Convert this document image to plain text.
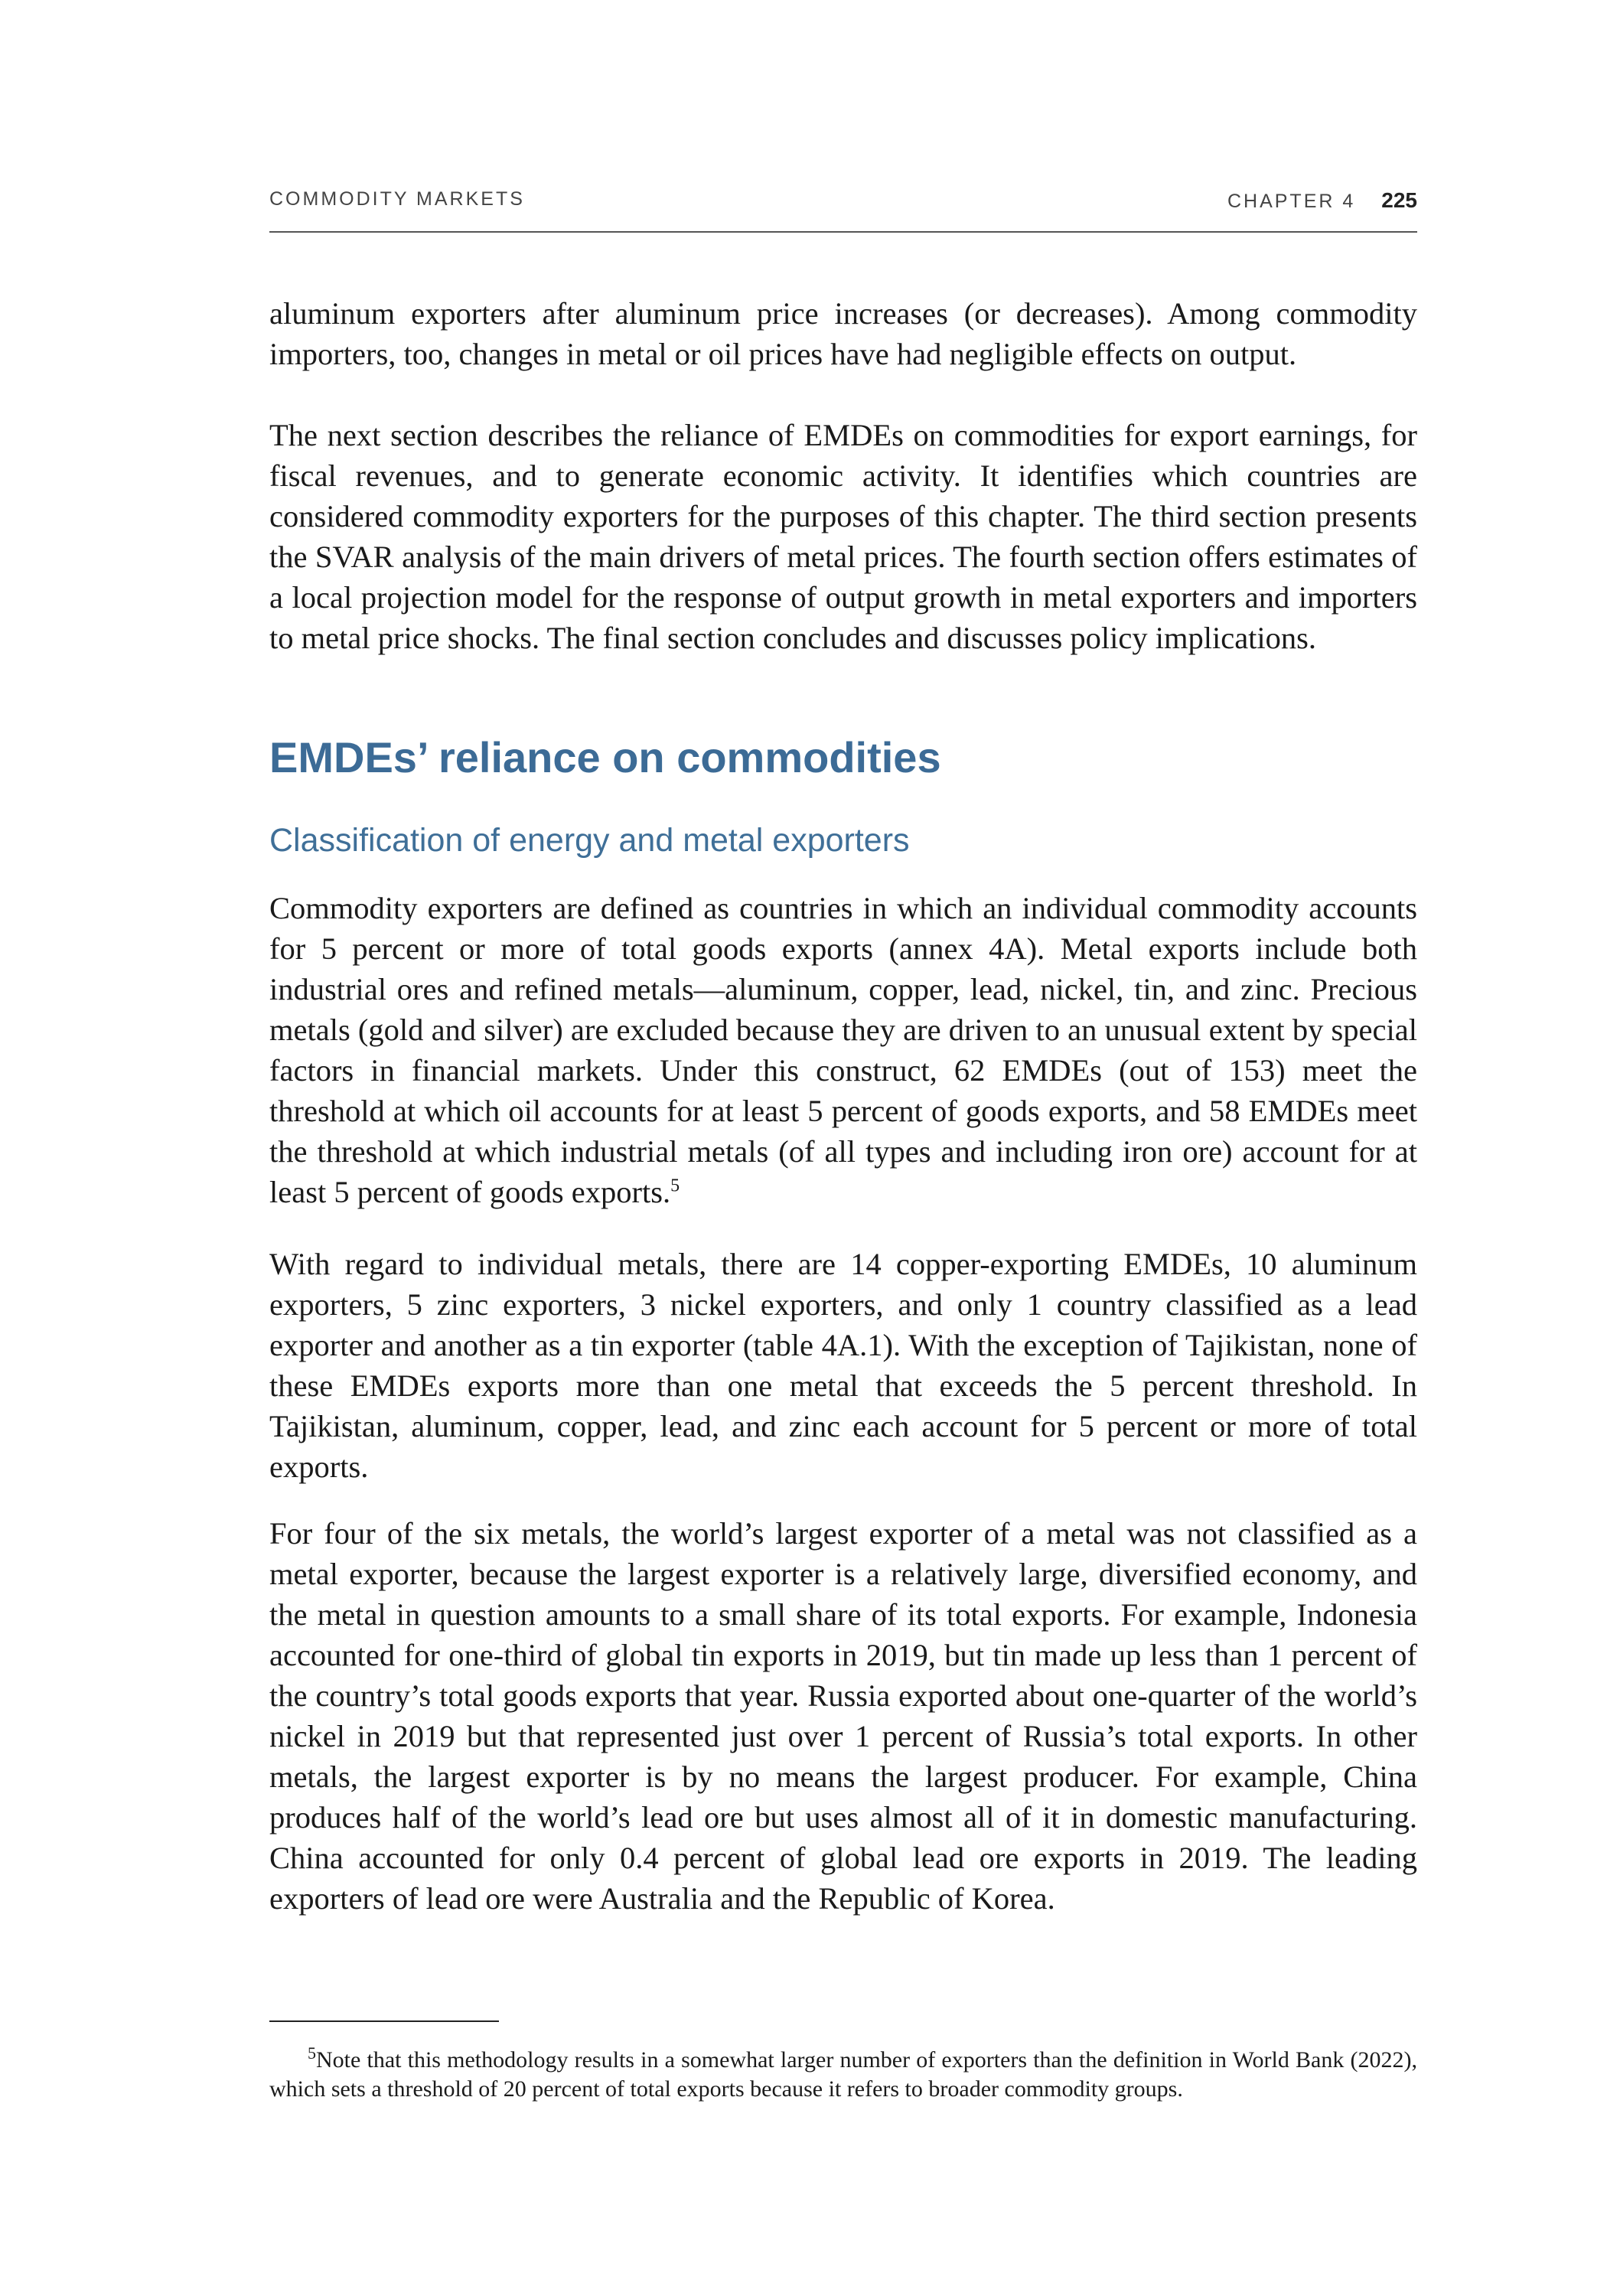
COMMODITY MARKETS	CHAPTER 4 225

aluminum exporters after aluminum price increases (or decreases). Among commodity importers, too, changes in metal or oil prices have had negligible effects on output.

The next section describes the reliance of EMDEs on commodities for export earnings, for fiscal revenues, and to generate economic activity. It identifies which countries are considered commodity exporters for the purposes of this chapter. The third section presents the SVAR analysis of the main drivers of metal prices. The fourth section offers estimates of a local projection model for the response of output growth in metal exporters and importers to metal price shocks. The final section concludes and discusses policy implications.

EMDEs’ reliance on commodities
Classification of energy and metal exporters

Commodity exporters are defined as countries in which an individual commodity accounts for 5 percent or more of total goods exports (annex 4A). Metal exports include both industrial ores and refined metals—aluminum, copper, lead, nickel, tin, and zinc. Precious metals (gold and silver) are excluded because they are driven to an unusual extent by special factors in financial markets. Under this construct, 62 EMDEs (out of 153) meet the threshold at which oil accounts for at least 5 percent of goods exports, and 58 EMDEs meet the threshold at which industrial metals (of all types and including iron ore) account for at least 5 percent of goods exports.$^5$

With regard to individual metals, there are 14 copper-exporting EMDEs, 10 aluminum exporters, 5 zinc exporters, 3 nickel exporters, and only 1 country classified as a lead exporter and another as a tin exporter (table 4A.1). With the exception of Tajikistan, none of these EMDEs exports more than one metal that exceeds the 5 percent threshold. In Tajikistan, aluminum, copper, lead, and zinc each account for 5 percent or more of total exports.

For four of the six metals, the world’s largest exporter of a metal was not classified as a metal exporter, because the largest exporter is a relatively large, diversified economy, and the metal in question amounts to a small share of its total exports. For example, Indonesia accounted for one-third of global tin exports in 2019, but tin made up less than 1 percent of the country’s total goods exports that year. Russia exported about one-quarter of the world’s nickel in 2019 but that represented just over 1 percent of Russia’s total exports. In other metals, the largest exporter is by no means the largest producer. For example, China produces half of the world’s lead ore but uses almost all of it in domestic manufacturing. China accounted for only 0.4 percent of global lead ore exports in 2019. The leading exporters of lead ore were Australia and the Republic of Korea.

$^5$Note that this methodology results in a somewhat larger number of exporters than the definition in World Bank (2022), which sets a threshold of 20 percent of total exports because it refers to broader commodity groups.
